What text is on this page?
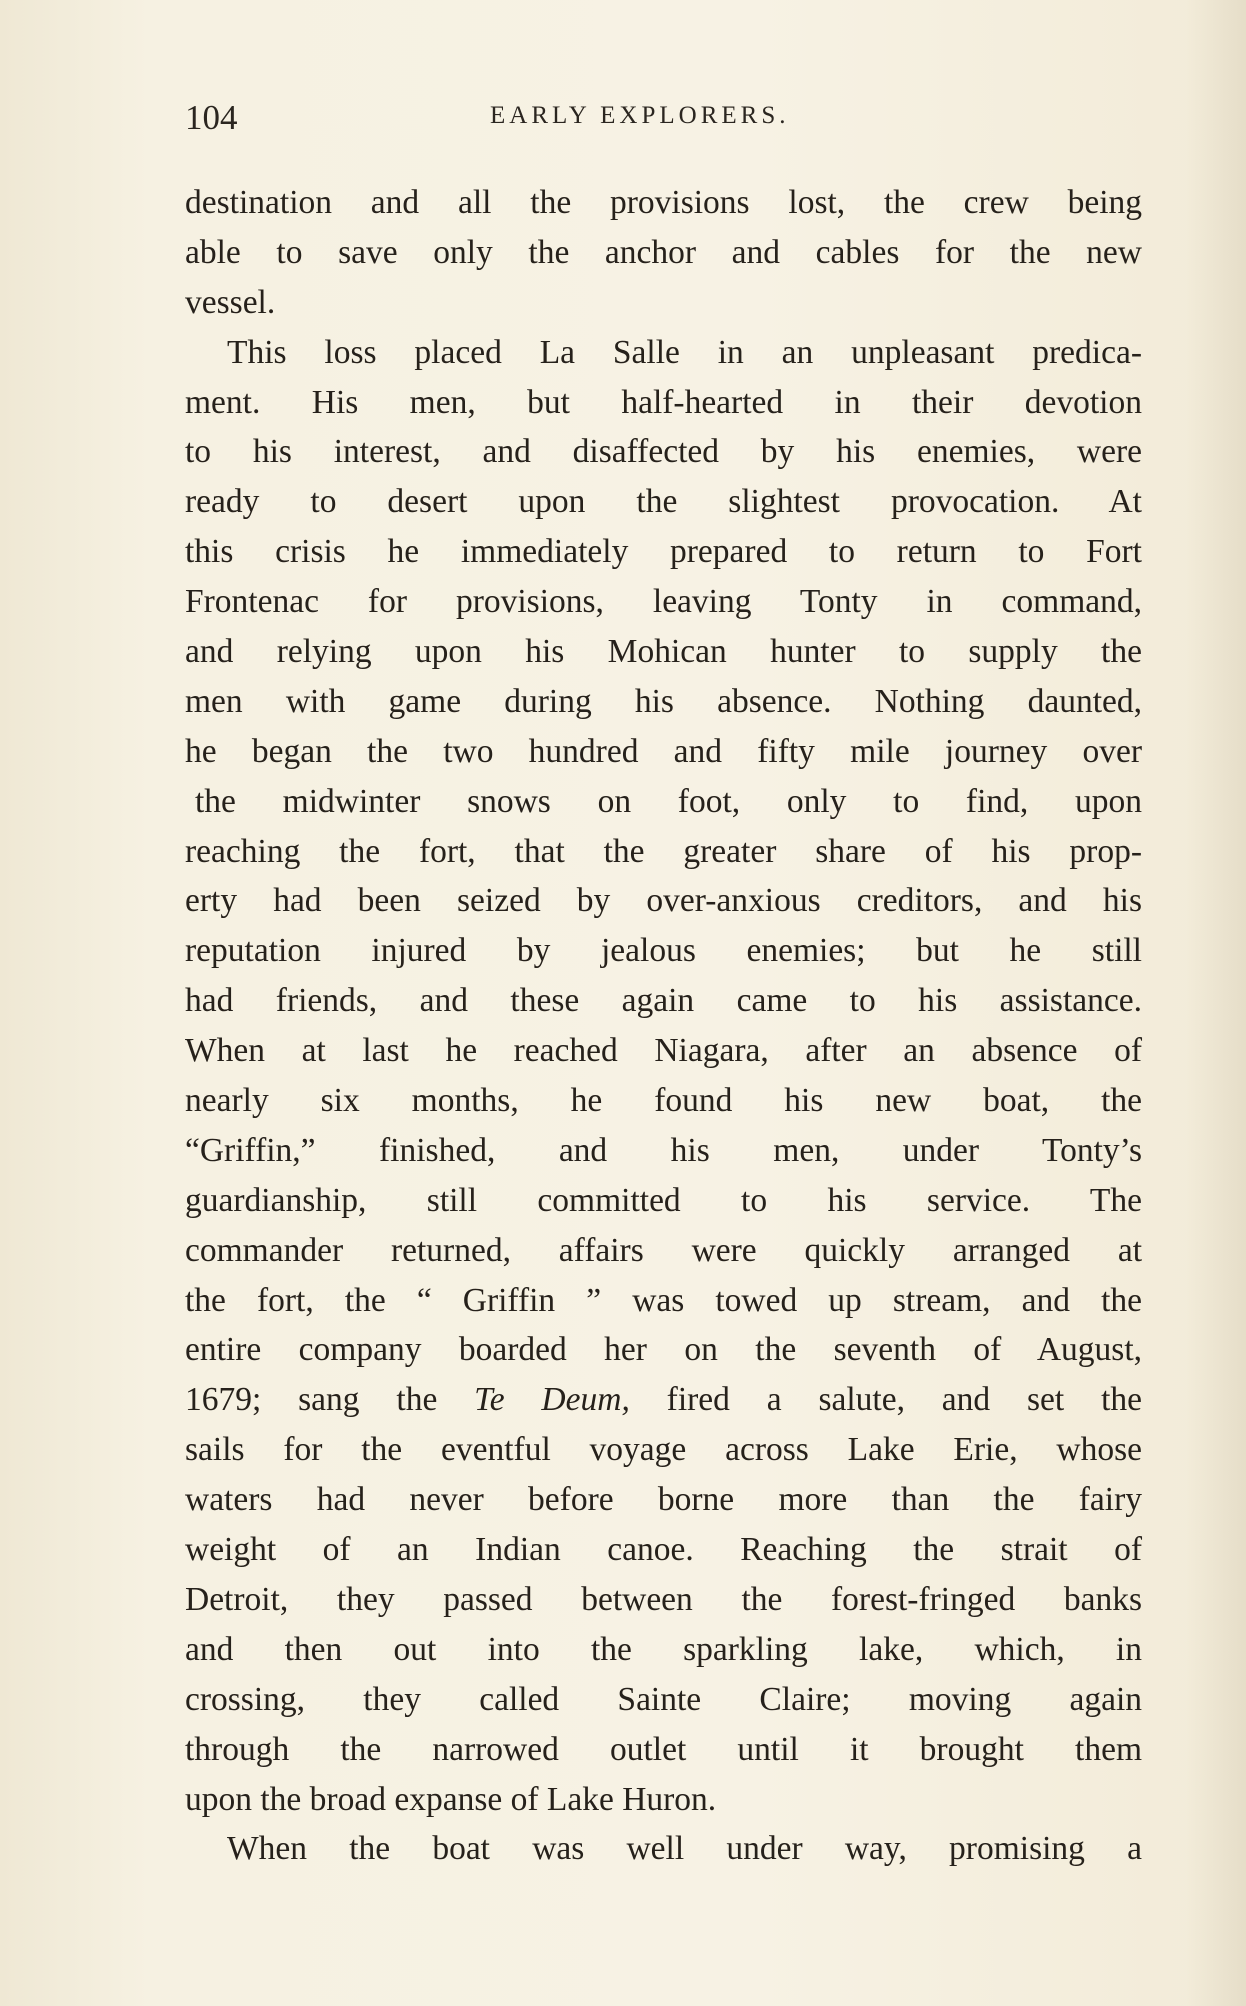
104	EARLY EXPLORERS.
destination and all the provisions lost, the crew being
able to save only the anchor and cables for the new
vessel.
This loss placed La Salle in an unpleasant predica-
ment. His men, but half-hearted in their devotion
to his interest, and disaffected by his enemies, were
ready to desert upon the slightest provocation. At
this crisis he immediately prepared to return to Fort
Frontenac for provisions, leaving Tonty in command,
and relying upon his Mohican hunter to supply the
men with game during his absence. Nothing daunted,
he began the two hundred and fifty mile journey over
the midwinter snows on foot, only to find, upon
reaching the fort, that the greater share of his prop-
erty had been seized by over-anxious creditors, and his
reputation injured by jealous enemies; but he still
had friends, and these again came to his assistance.
When at last he reached Niagara, after an absence of
nearly six months, he found his new boat, the
“Griffin,” finished, and his men, under Tonty’s
guardianship, still committed to his service. The
commander returned, affairs were quickly arranged at
the fort, the “ Griffin ” was towed up stream, and the
entire company boarded her on the seventh of August,
1679; sang the Te Deum, fired a salute, and set the
sails for the eventful voyage across Lake Erie, whose
waters had never before borne more than the fairy
weight of an Indian canoe. Reaching the strait of
Detroit, they passed between the forest-fringed banks
and then out into the sparkling lake, which, in
crossing, they called Sainte Claire; moving again
through the narrowed outlet until it brought them
upon the broad expanse of Lake Huron.
When the boat was well under way, promising a
